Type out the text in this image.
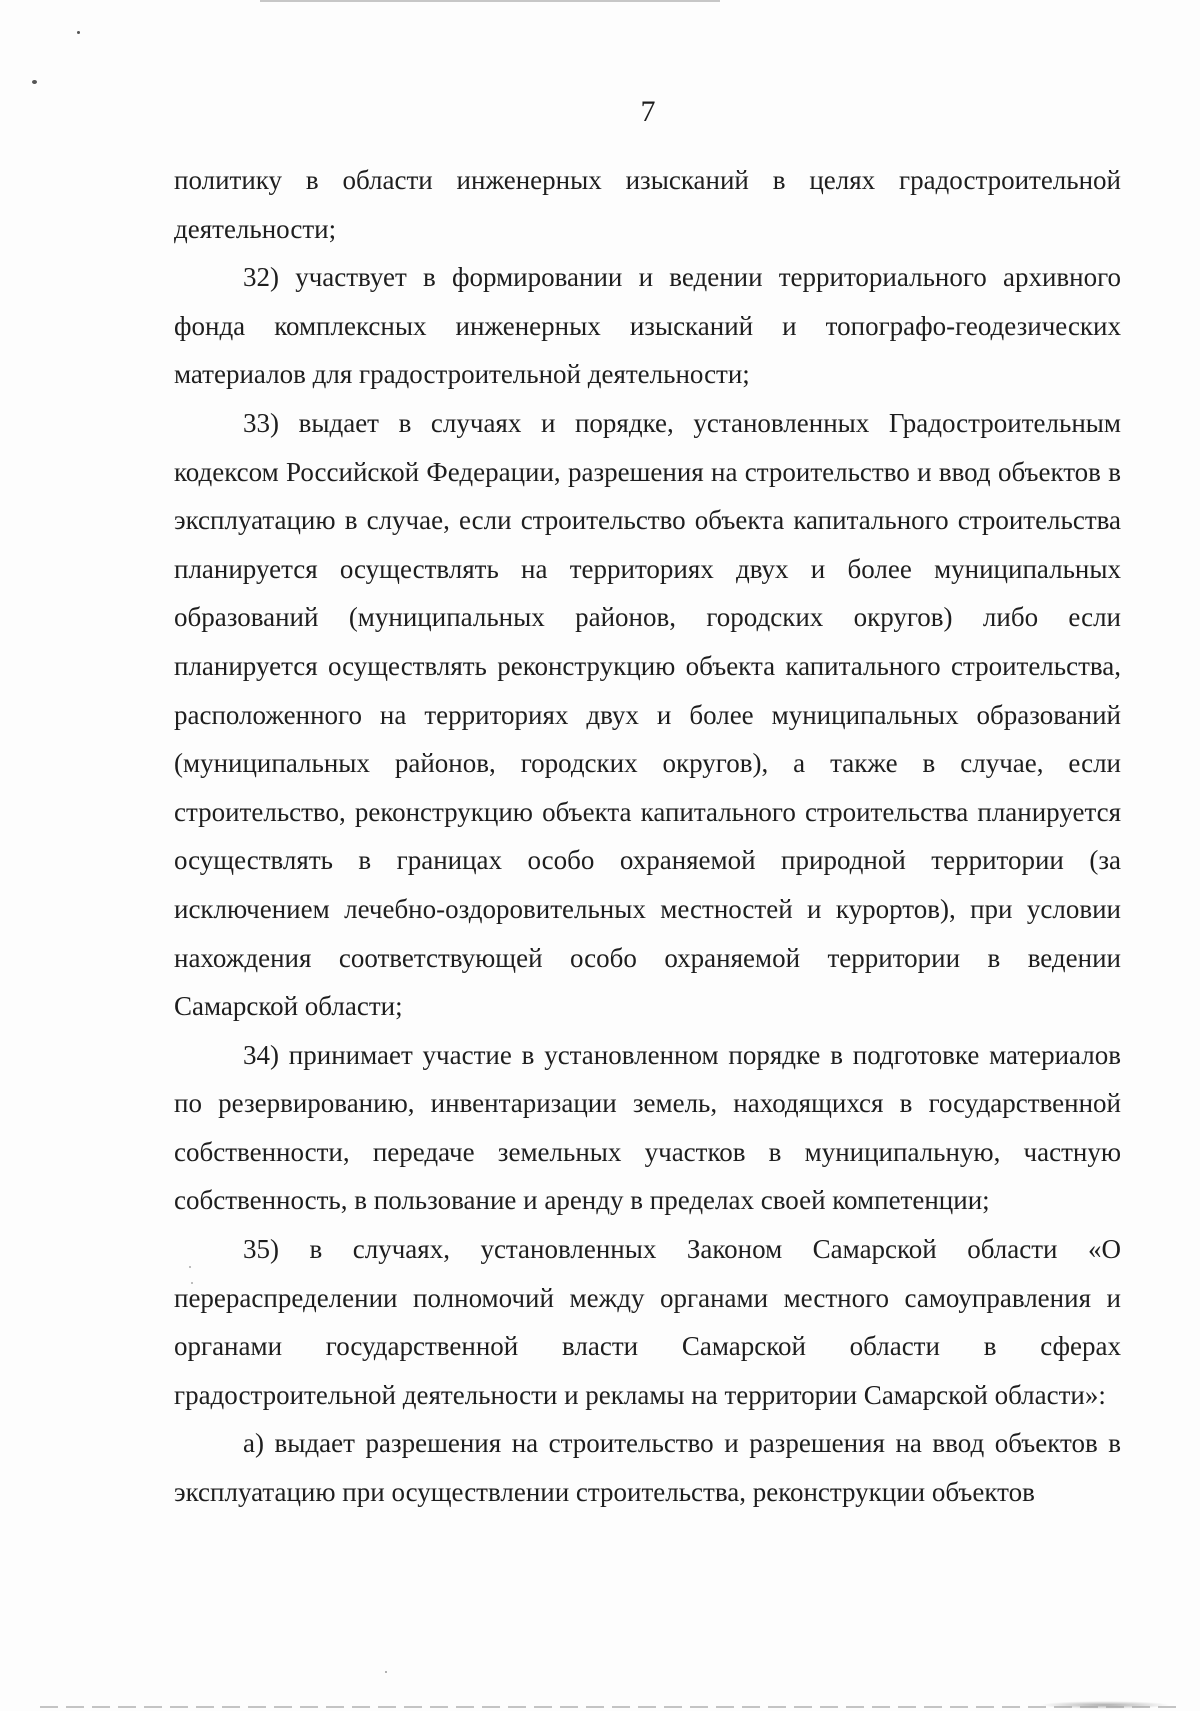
7

политику в области инженерных изысканий в целях градостроительной деятельности;

32) участвует в формировании и ведении территориального архивного фонда комплексных инженерных изысканий и топографо-геодезических материалов для градостроительной деятельности;

33) выдает в случаях и порядке, установленных Градостроительным кодексом Российской Федерации, разрешения на строительство и ввод объектов в эксплуатацию в случае, если строительство объекта капитального строительства планируется осуществлять на территориях двух и более муниципальных образований (муниципальных районов, городских округов) либо если планируется осуществлять реконструкцию объекта капитального строительства, расположенного на территориях двух и более муниципальных образований (муниципальных районов, городских округов), а также в случае, если строительство, реконструкцию объекта капитального строительства планируется осуществлять в границах особо охраняемой природной территории (за исключением лечебно-оздоровительных местностей и курортов), при условии нахождения соответствующей особо охраняемой территории в ведении Самарской области;

34) принимает участие в установленном порядке в подготовке материалов по резервированию, инвентаризации земель, находящихся в государственной собственности, передаче земельных участков в муниципальную, частную собственность, в пользование и аренду в пределах своей компетенции;

35) в случаях, установленных Законом Самарской области «О перераспределении полномочий между органами местного самоуправления и органами государственной власти Самарской области в сферах градостроительной деятельности и рекламы на территории Самарской области»:

а) выдает разрешения на строительство и разрешения на ввод объектов в эксплуатацию при осуществлении строительства, реконструкции объектов
